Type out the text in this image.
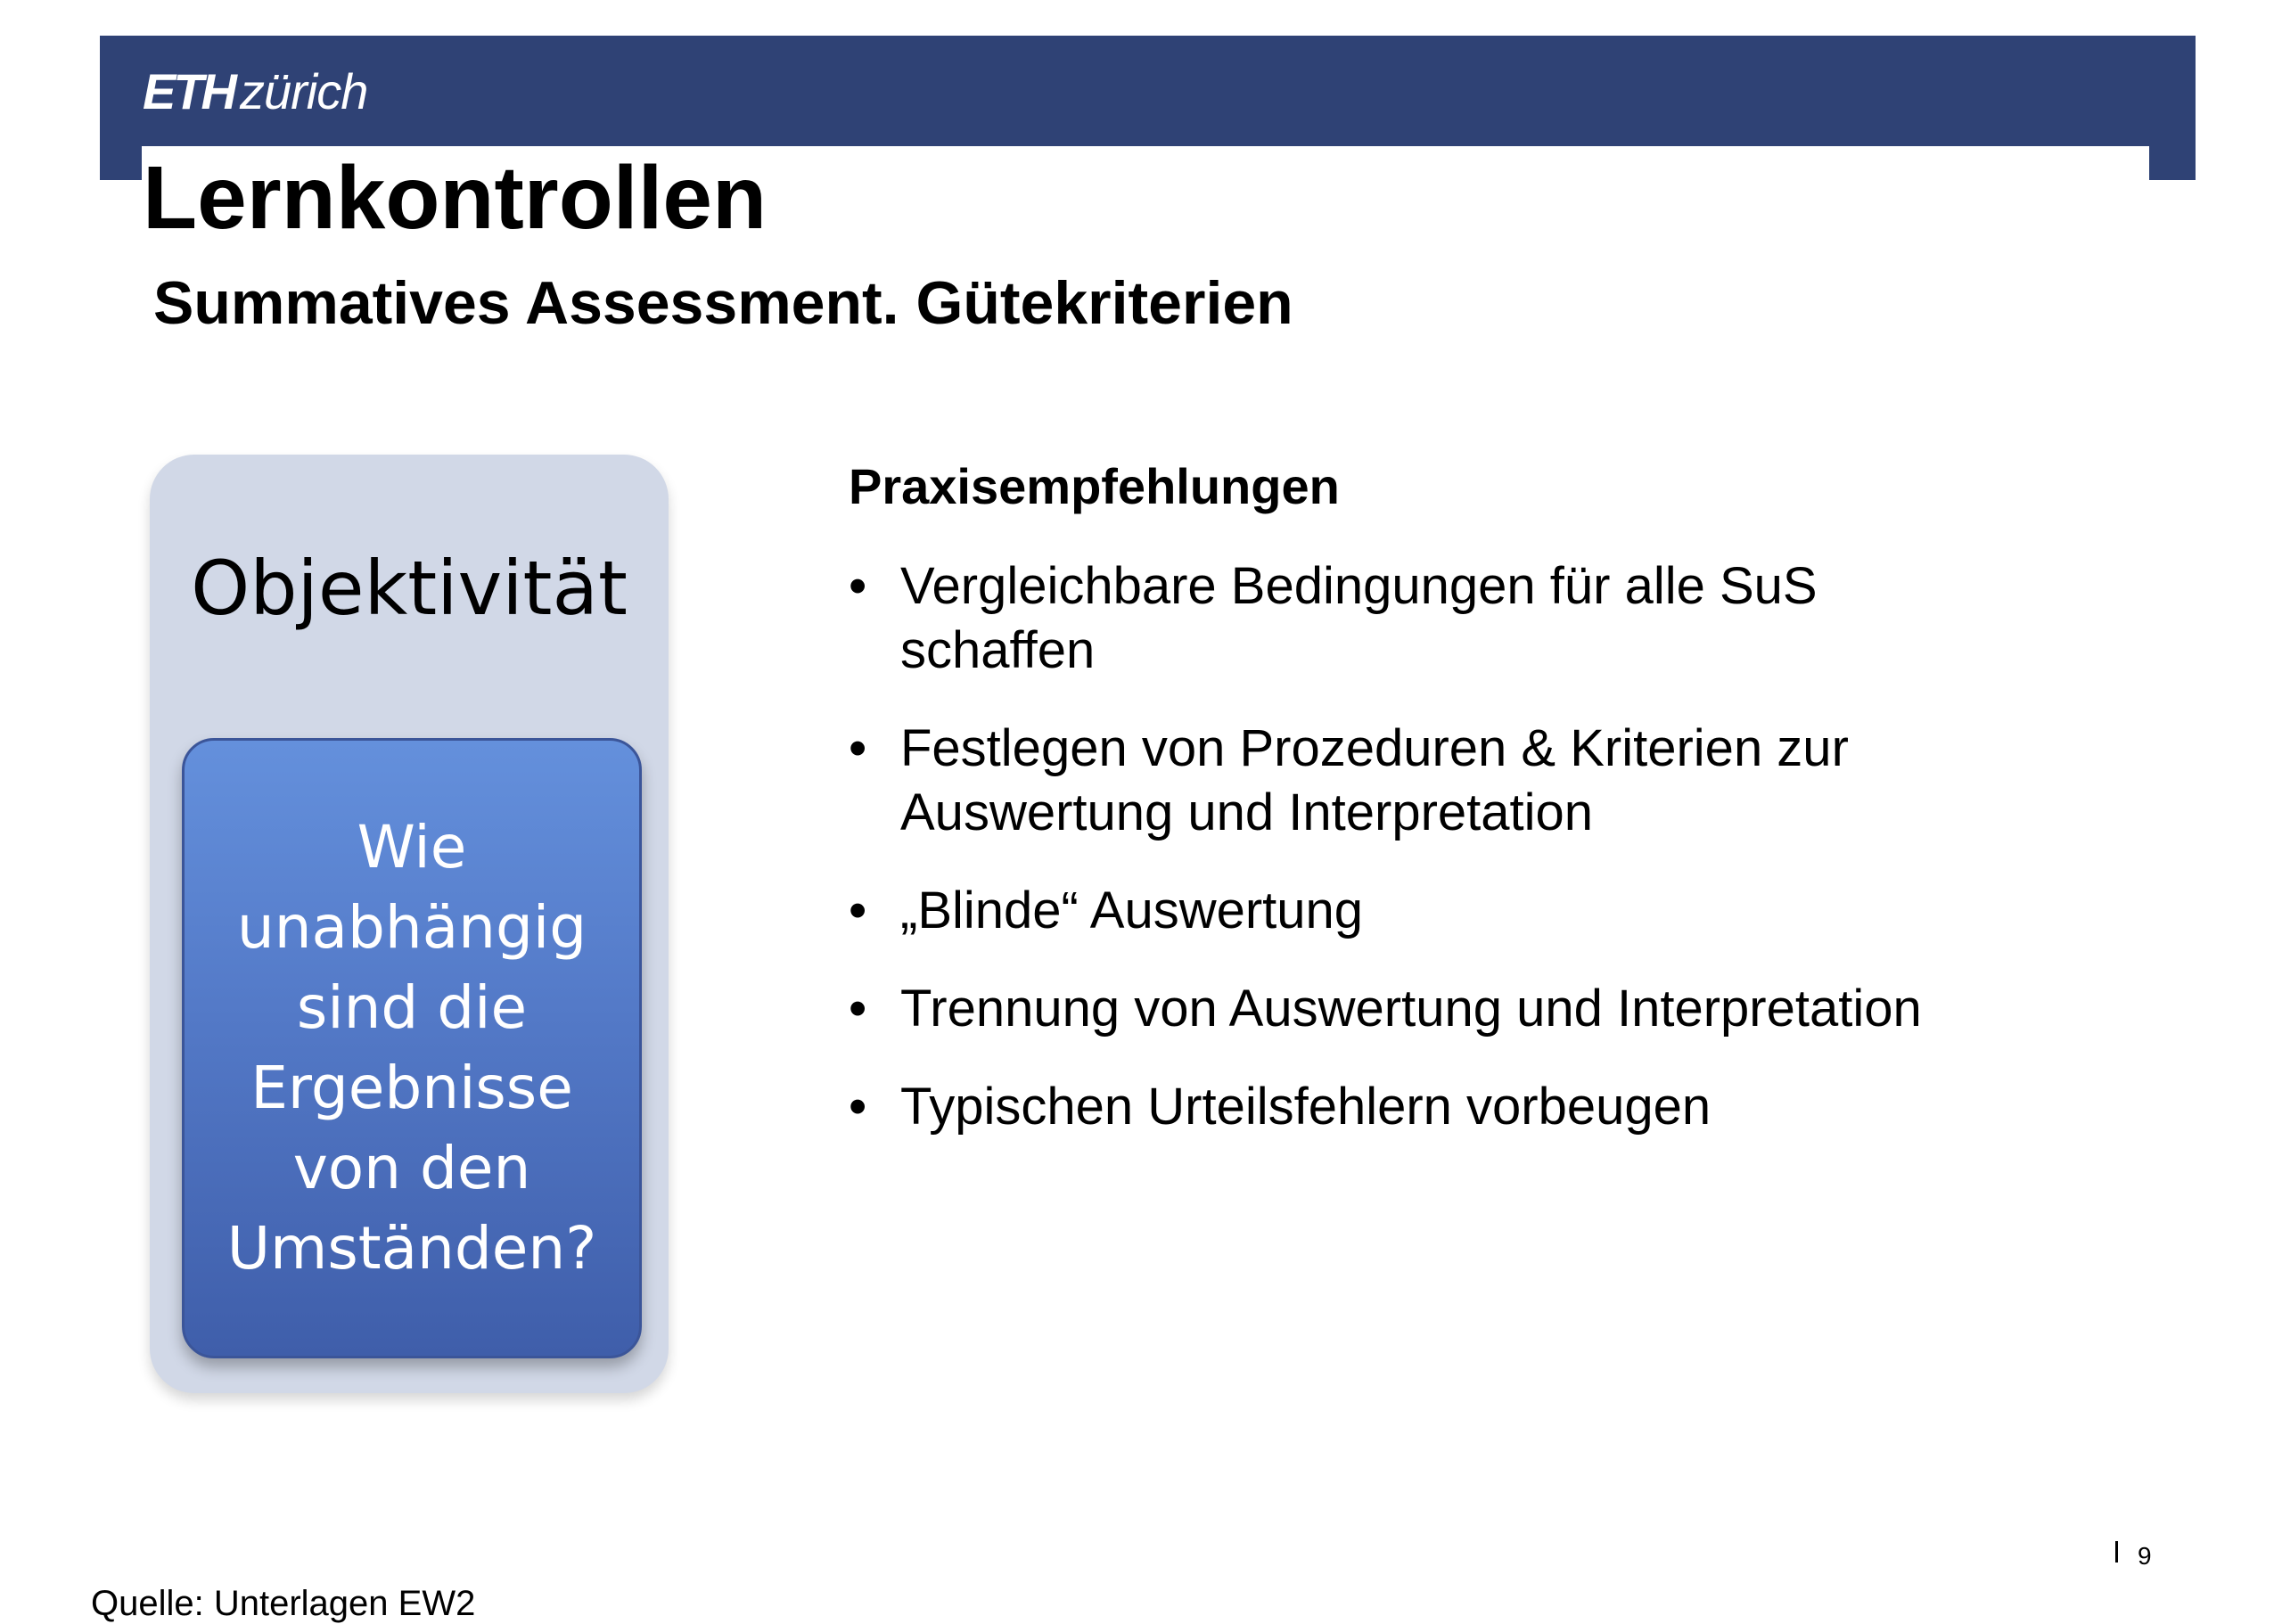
ETH zürich
Lernkontrollen
Summatives Assessment. Gütekriterien
Objektivität
Wie
unabhängig
sind die
Ergebnisse
von den
Umständen?
Praxisempfehlungen
• Vergleichbare Bedingungen für alle SuS
schaffen
• Festlegen von Prozeduren & Kriterien zur
Auswertung und Interpretation
• „Blinde“ Auswertung
• Trennung von Auswertung und Interpretation
• Typischen Urteilsfehlern vorbeugen
9
Quelle: Unterlagen EW2
